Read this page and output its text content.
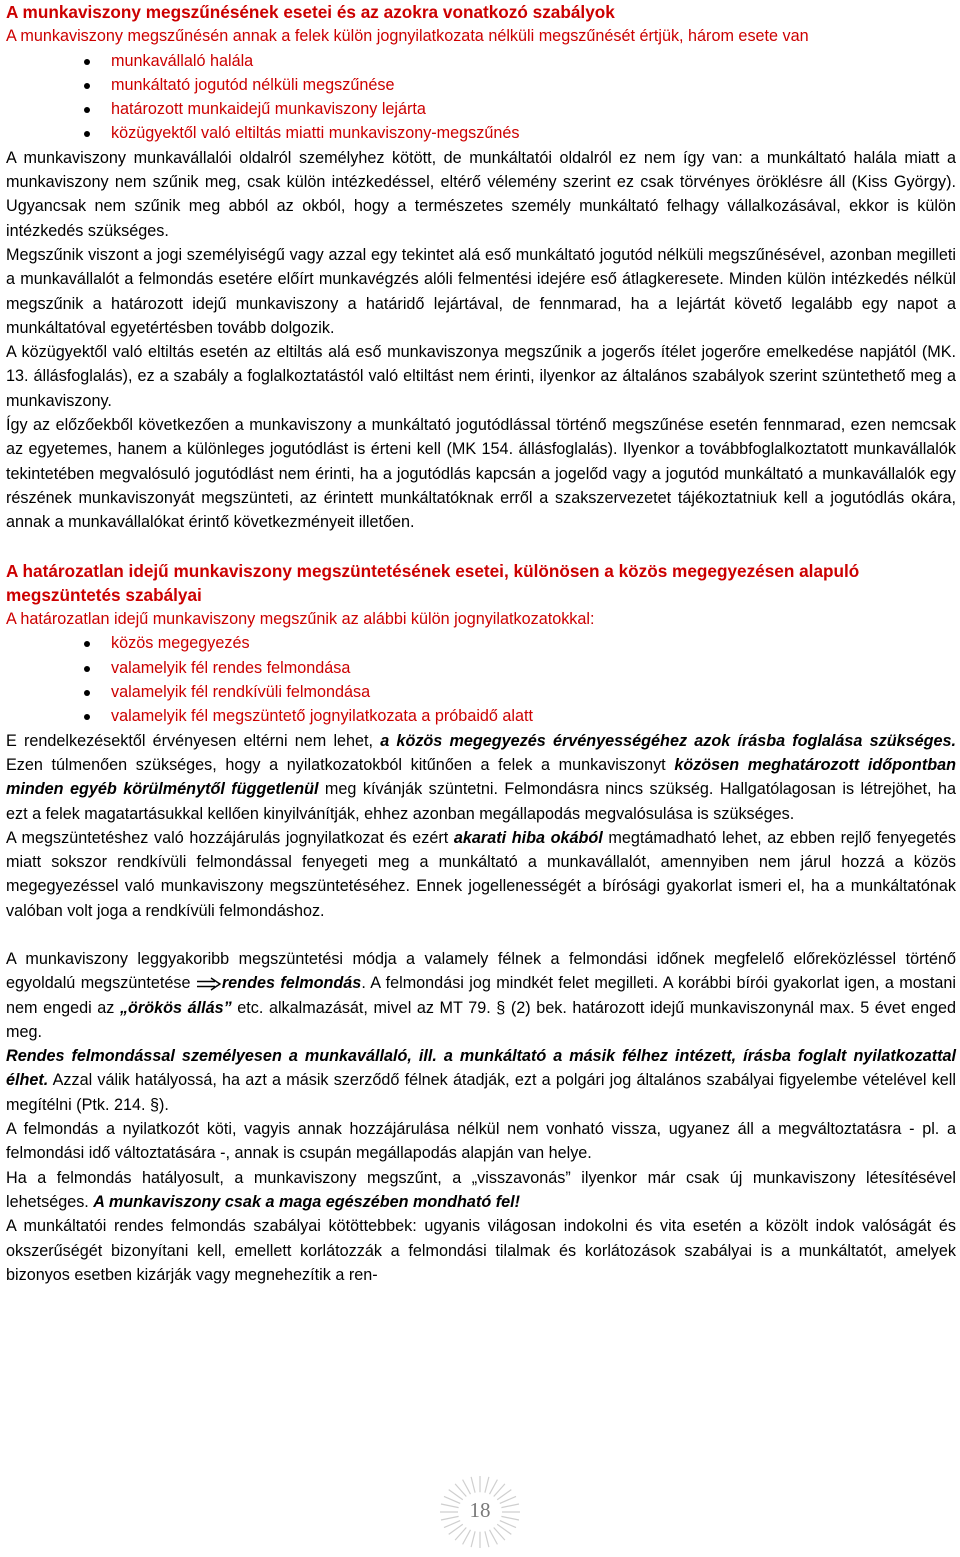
A munkaviszony megszűnésének esetei és az azokra vonatkozó szabályok

A munkaviszony megszűnésén annak a felek külön jognyilatkozata nélküli megszűnését értjük, három esete van

munkavállaló halála
munkáltató jogutód nélküli megszűnése
határozott munkaidejű munkaviszony lejárta
közügyektől való eltiltás miatti munkaviszony-megszűnés

A munkaviszony munkavállalói oldalról személyhez kötött, de munkáltatói oldalról ez nem így van: a munkáltató halála miatt a munkaviszony nem szűnik meg, csak külön intézkedéssel, eltérő vélemény szerint ez csak törvényes öröklésre áll (Kiss György). Ugyancsak nem szűnik meg abból az okból, hogy a természetes személy munkáltató felhagy vállalkozásával, ekkor is külön intézkedés szükséges.

Megszűnik viszont a jogi személyiségű vagy azzal egy tekintet alá eső munkáltató jogutód nélküli megszűnésével, azonban megilleti a munkavállalót a felmondás esetére előírt munkavégzés alóli felmentési idejére eső átlagkeresete. Minden külön intézkedés nélkül megszűnik a határozott idejű munkaviszony a határidő lejártával, de fennmarad, ha a lejártát követő legalább egy napot a munkáltatóval egyetértésben tovább dolgozik.

A közügyektől való eltiltás esetén az eltiltás alá eső munkaviszonya megszűnik a jogerős ítélet jogerőre emelkedése napjától (MK. 13. állásfoglalás), ez a szabály a foglalkoztatástól való eltiltást nem érinti, ilyenkor az általános szabályok szerint szüntethető meg a munkaviszony.

Így az előzőekből következően a munkaviszony a munkáltató jogutódlással történő megszűnése esetén fennmarad, ezen nemcsak az egyetemes, hanem a különleges jogutódlást is érteni kell (MK 154. állásfoglalás). Ilyenkor a továbbfoglalkoztatott munkavállalók tekintetében megvalósuló jogutódlást nem érinti, ha a jogutódlás kapcsán a jogelőd vagy a jogutód munkáltató a munkavállalók egy részének munkaviszonyát megszünteti, az érintett munkáltatóknak erről a szakszervezetet tájékoztatniuk kell a jogutódlás okára, annak a munkavállalókat érintő következményeit illetően.

A határozatlan idejű munkaviszony megszüntetésének esetei, különösen a közös megegyezésen alapuló megszüntetés szabályai

A határozatlan idejű munkaviszony megszűnik az alábbi külön jognyilatkozatokkal:

közös megegyezés
valamelyik fél rendes felmondása
valamelyik fél rendkívüli felmondása
valamelyik fél megszüntető jognyilatkozata a próbaidő alatt

E rendelkezésektől érvényesen eltérni nem lehet, a közös megegyezés érvényességéhez azok írásba foglalása szükséges. Ezen túlmenően szükséges, hogy a nyilatkozatokból kitűnően a felek a munkaviszonyt közösen meghatározott időpontban minden egyéb körülménytől függetlenül meg kívánják szüntetni. Felmondásra nincs szükség. Hallgatólagosan is létrejöhet, ha ezt a felek magatartásukkal kellően kinyilvánítják, ehhez azonban megállapodás megvalósulása is szükséges.

A megszüntetéshez való hozzájárulás jognyilatkozat és ezért akarati hiba okából megtámadható lehet, az ebben rejlő fenyegetés miatt sokszor rendkívüli felmondással fenyegeti meg a munkáltató a munkavállalót, amennyiben nem járul hozzá a közös megegyezéssel való munkaviszony megszüntetéséhez. Ennek jogellenességét a bírósági gyakorlat ismeri el, ha a munkáltatónak valóban volt joga a rendkívüli felmondáshoz.

A munkaviszony leggyakoribb megszüntetési módja a valamely félnek a felmondási időnek megfelelő előreközléssel történő egyoldalú megszüntetése rendes felmondás. A felmondási jog mindkét felet megilleti. A korábbi bírói gyakorlat igen, a mostani nem engedi az „örökös állás” etc. alkalmazását, mivel az MT 79. § (2) bek. határozott idejű munkaviszonynál max. 5 évet enged meg.

Rendes felmondással személyesen a munkavállaló, ill. a munkáltató a másik félhez intézett, írásba foglalt nyilatkozattal élhet. Azzal válik hatályossá, ha azt a másik szerződő félnek átadják, ezt a polgári jog általános szabályai figyelembe vételével kell megítélni (Ptk. 214. §).

A felmondás a nyilatkozót köti, vagyis annak hozzájárulása nélkül nem vonható vissza, ugyanez áll a megváltoztatásra - pl. a felmondási idő változtatására -, annak is csupán megállapodás alapján van helye.

Ha a felmondás hatályosult, a munkaviszony megszűnt, a „visszavonás” ilyenkor már csak új munkaviszony létesítésével lehetséges. A munkaviszony csak a maga egészében mondható fel!

A munkáltatói rendes felmondás szabályai kötöttebbek: ugyanis világosan indokolni és vita esetén a közölt indok valóságát és okszerűségét bizonyítani kell, emellett korlátozzák a felmondási tilalmak és korlátozások szabályai is a munkáltatót, amelyek bizonyos esetben kizárják vagy megnehezítik a ren-

18
